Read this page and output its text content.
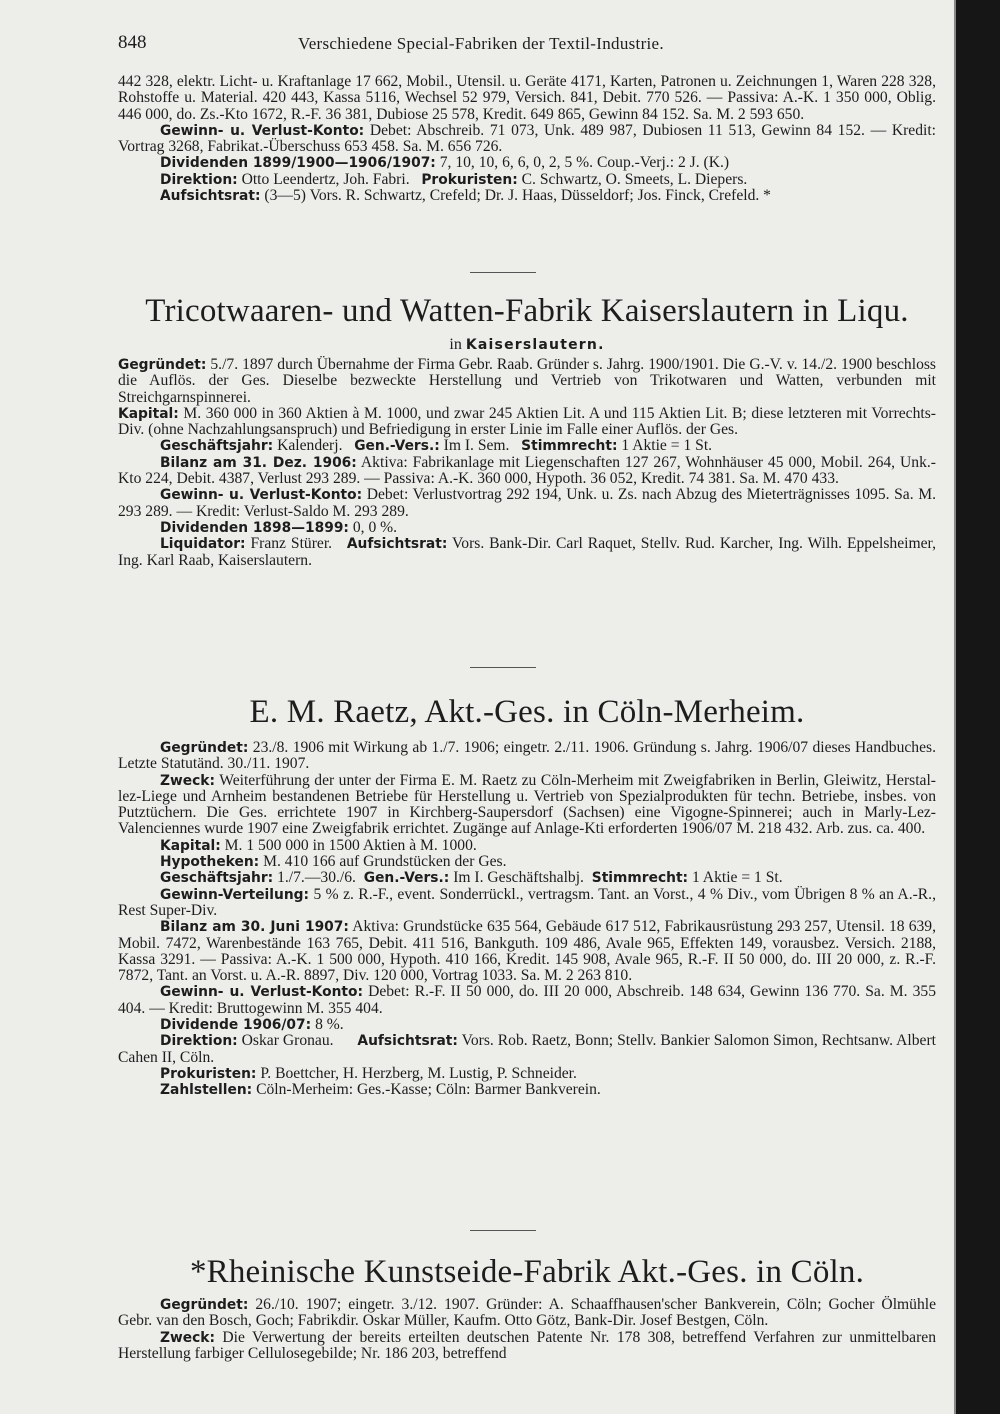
848	Verschiedene Special-Fabriken der Textil-Industrie.

442 328, elektr. Licht- u. Kraftanlage 17 662, Mobil., Utensil. u. Geräte 4171, Karten, Patronen u. Zeichnungen 1, Waren 228 328, Rohstoffe u. Material. 420 443, Kassa 5116, Wechsel 52 979, Versich. 841, Debit. 770 526. — Passiva: A.-K. 1 350 000, Oblig. 446 000, do. Zs.-Kto 1672, R.-F. 36 381, Dubiose 25 578, Kredit. 649 865, Gewinn 84 152. Sa. M. 2 593 650.

Gewinn- u. Verlust-Konto: Debet: Abschreib. 71 073, Unk. 489 987, Dubiosen 11 513, Gewinn 84 152. — Kredit: Vortrag 3268, Fabrikat.-Überschuss 653 458. Sa. M. 656 726.

Dividenden 1899/1900—1906/1907: 7, 10, 10, 6, 6, 0, 2, 5 %. Coup.-Verj.: 2 J. (K.)

Direktion: Otto Leendertz, Joh. Fabri. Prokuristen: C. Schwartz, O. Smeets, L. Diepers.

Aufsichtsrat: (3—5) Vors. R. Schwartz, Crefeld; Dr. J. Haas, Düsseldorf; Jos. Finck, Crefeld. *

Tricotwaaren- und Watten-Fabrik Kaiserslautern in Liqu.
in Kaiserslautern.

Gegründet: 5./7. 1897 durch Übernahme der Firma Gebr. Raab. Gründer s. Jahrg. 1900/1901. Die G.-V. v. 14./2. 1900 beschloss die Auflös. der Ges. Dieselbe bezweckte Herstellung und Vertrieb von Trikotwaren und Watten, verbunden mit Streichgarnspinnerei.

Kapital: M. 360 000 in 360 Aktien à M. 1000, und zwar 245 Aktien Lit. A und 115 Aktien Lit. B; diese letzteren mit Vorrechts-Div. (ohne Nachzahlungsanspruch) und Befriedigung in erster Linie im Falle einer Auflös. der Ges.

Geschäftsjahr: Kalenderj. Gen.-Vers.: Im I. Sem. Stimmrecht: 1 Aktie = 1 St.

Bilanz am 31. Dez. 1906: Aktiva: Fabrikanlage mit Liegenschaften 127 267, Wohnhäuser 45 000, Mobil. 264, Unk.-Kto 224, Debit. 4387, Verlust 293 289. — Passiva: A.-K. 360 000, Hypoth. 36 052, Kredit. 74 381. Sa. M. 470 433.

Gewinn- u. Verlust-Konto: Debet: Verlustvortrag 292 194, Unk. u. Zs. nach Abzug des Mieterträgnisses 1095. Sa. M. 293 289. — Kredit: Verlust-Saldo M. 293 289.

Dividenden 1898—1899: 0, 0 %.

Liquidator: Franz Stürer. Aufsichtsrat: Vors. Bank-Dir. Carl Raquet, Stellv. Rud. Karcher, Ing. Wilh. Eppelsheimer, Ing. Karl Raab, Kaiserslautern.

E. M. Raetz, Akt.-Ges. in Cöln-Merheim.

Gegründet: 23./8. 1906 mit Wirkung ab 1./7. 1906; eingetr. 2./11. 1906. Gründung s. Jahrg. 1906/07 dieses Handbuches. Letzte Statutänd. 30./11. 1907.

Zweck: Weiterführung der unter der Firma E. M. Raetz zu Cöln-Merheim mit Zweigfabriken in Berlin, Gleiwitz, Herstal-lez-Liege und Arnheim bestandenen Betriebe für Herstellung u. Vertrieb von Spezialprodukten für techn. Betriebe, insbes. von Putztüchern. Die Ges. errichtete 1907 in Kirchberg-Saupersdorf (Sachsen) eine Vigogne-Spinnerei; auch in Marly-Lez-Valenciennes wurde 1907 eine Zweigfabrik errichtet. Zugänge auf Anlage-Kti erforderten 1906/07 M. 218 432. Arb. zus. ca. 400.

Kapital: M. 1 500 000 in 1500 Aktien à M. 1000.

Hypotheken: M. 410 166 auf Grundstücken der Ges.

Geschäftsjahr: 1./7.—30./6. Gen.-Vers.: Im I. Geschäftshalbj. Stimmrecht: 1 Aktie = 1 St.

Gewinn-Verteilung: 5 % z. R.-F., event. Sonderrückl., vertragsm. Tant. an Vorst., 4 % Div., vom Übrigen 8 % an A.-R., Rest Super-Div.

Bilanz am 30. Juni 1907: Aktiva: Grundstücke 635 564, Gebäude 617 512, Fabrikausrüstung 293 257, Utensil. 18 639, Mobil. 7472, Warenbestände 163 765, Debit. 411 516, Bankguth. 109 486, Avale 965, Effekten 149, vorausbez. Versich. 2188, Kassa 3291. — Passiva: A.-K. 1 500 000, Hypoth. 410 166, Kredit. 145 908, Avale 965, R.-F. II 50 000, do. III 20 000, z. R.-F. 7872, Tant. an Vorst. u. A.-R. 8897, Div. 120 000, Vortrag 1033. Sa. M. 2 263 810.

Gewinn- u. Verlust-Konto: Debet: R.-F. II 50 000, do. III 20 000, Abschreib. 148 634, Gewinn 136 770. Sa. M. 355 404. — Kredit: Bruttogewinn M. 355 404.

Dividende 1906/07: 8 %.

Direktion: Oskar Gronau. Aufsichtsrat: Vors. Rob. Raetz, Bonn; Stellv. Bankier Salomon Simon, Rechtsanw. Albert Cahen II, Cöln.

Prokuristen: P. Boettcher, H. Herzberg, M. Lustig, P. Schneider.

Zahlstellen: Cöln-Merheim: Ges.-Kasse; Cöln: Barmer Bankverein.

*Rheinische Kunstseide-Fabrik Akt.-Ges. in Cöln.

Gegründet: 26./10. 1907; eingetr. 3./12. 1907. Gründer: A. Schaaffhausen'scher Bankverein, Cöln; Gocher Ölmühle Gebr. van den Bosch, Goch; Fabrikdir. Oskar Müller, Kaufm. Otto Götz, Bank-Dir. Josef Bestgen, Cöln.

Zweck: Die Verwertung der bereits erteilten deutschen Patente Nr. 178 308, betreffend Verfahren zur unmittelbaren Herstellung farbiger Cellulosegebilde; Nr. 186 203, betreffend
